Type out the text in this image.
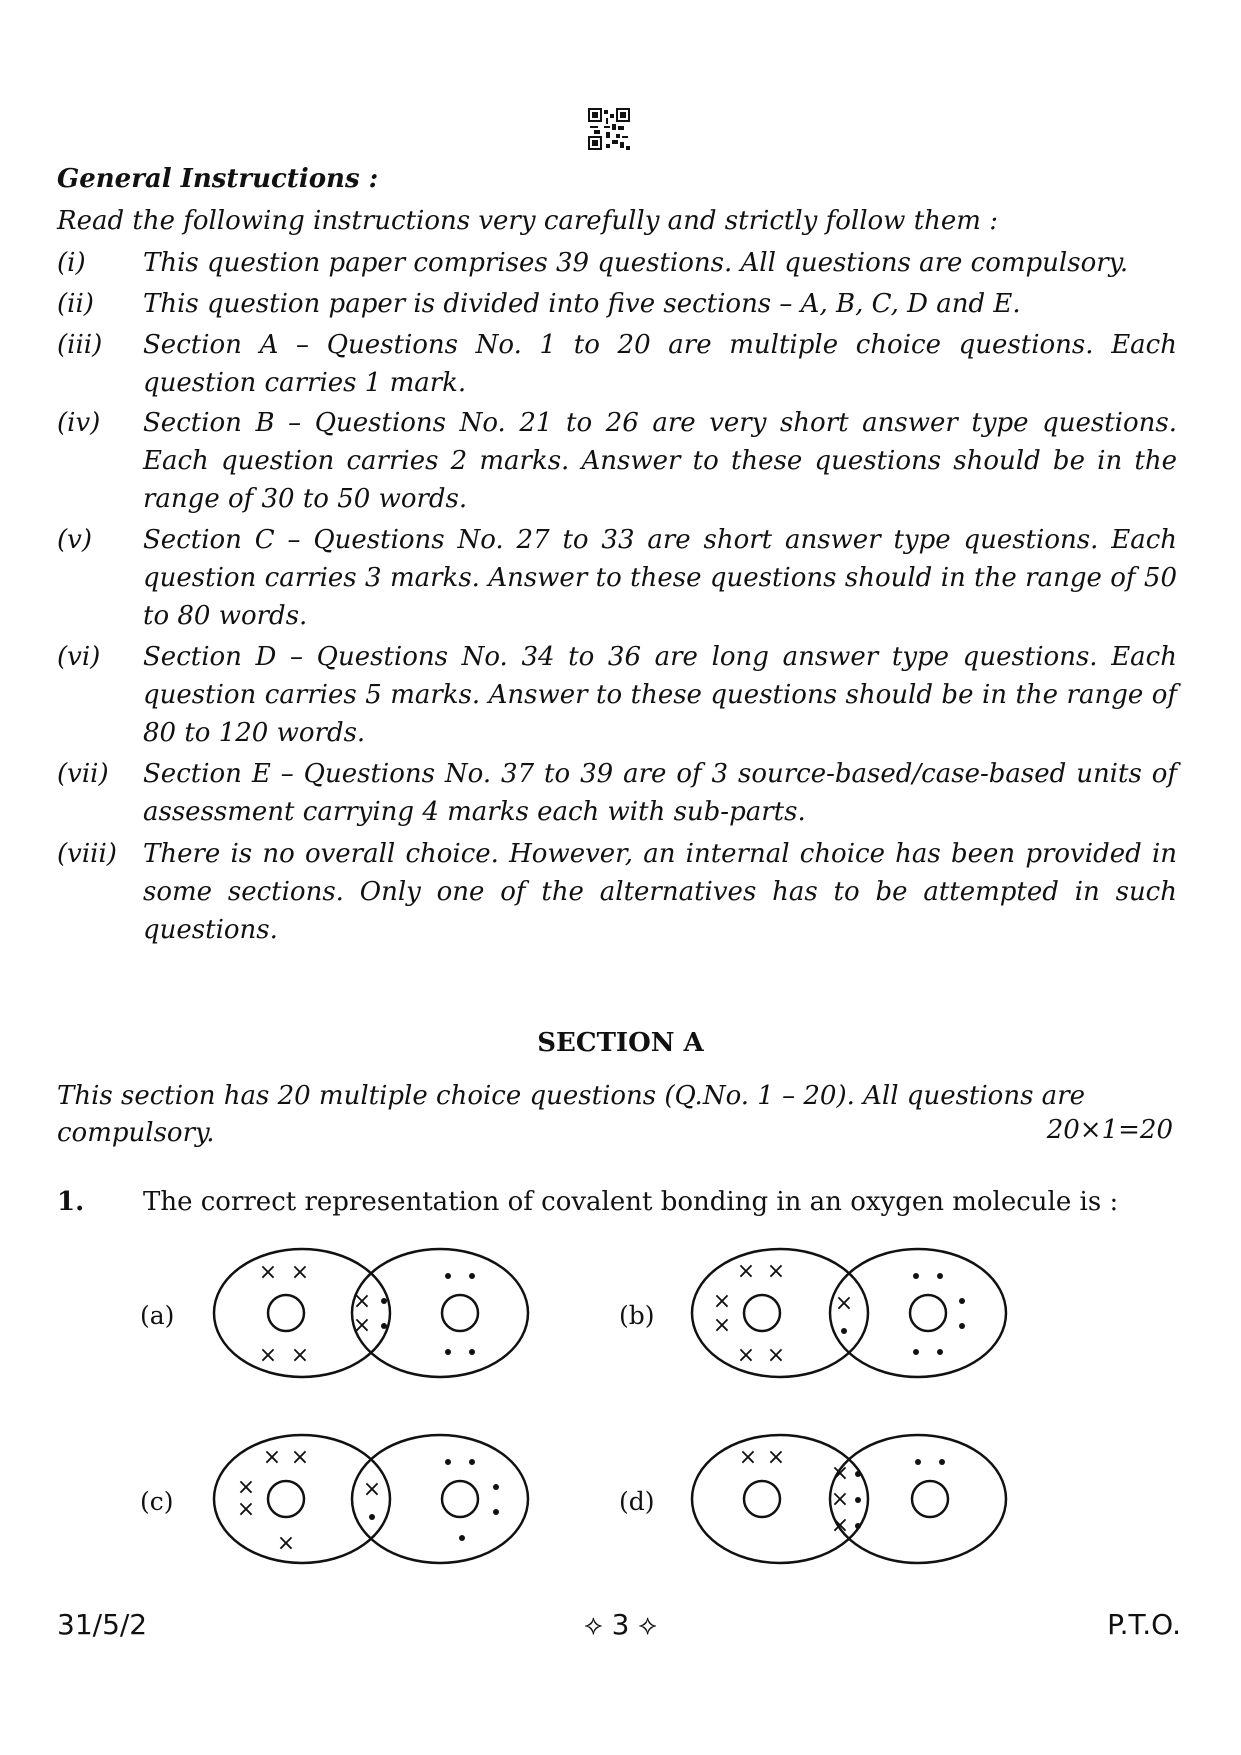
General Instructions :
Read the following instructions very carefully and strictly follow them :
(i)	This question paper comprises 39 questions. All questions are compulsory.
(ii)	This question paper is divided into five sections – A, B, C, D and E.
(iii)	Section A – Questions No. 1 to 20 are multiple choice questions. Each question carries 1 mark.
(iv)	Section B – Questions No. 21 to 26 are very short answer type questions. Each question carries 2 marks. Answer to these questions should be in the range of 30 to 50 words.
(v)	Section C – Questions No. 27 to 33 are short answer type questions. Each question carries 3 marks. Answer to these questions should in the range of 50 to 80 words.
(vi)	Section D – Questions No. 34 to 36 are long answer type questions. Each question carries 5 marks. Answer to these questions should be in the range of 80 to 120 words.
(vii)	Section E – Questions No. 37 to 39 are of 3 source-based/case-based units of assessment carrying 4 marks each with sub-parts.
(viii)	There is no overall choice. However, an internal choice has been provided in some sections. Only one of the alternatives has to be attempted in such questions.
SECTION A
This section has 20 multiple choice questions (Q.No. 1 – 20). All questions are compulsory.	20×1=20
1. The correct representation of covalent bonding in an oxygen molecule is :
(a)
× ×
× ×
×
×	(b)
× ×
×
×
× ×
×
(c)
× ×
×
×
×
×	(d)
× ×
×
×
×
31/5/2	⟡ 3 ⟡	P.T.O.
